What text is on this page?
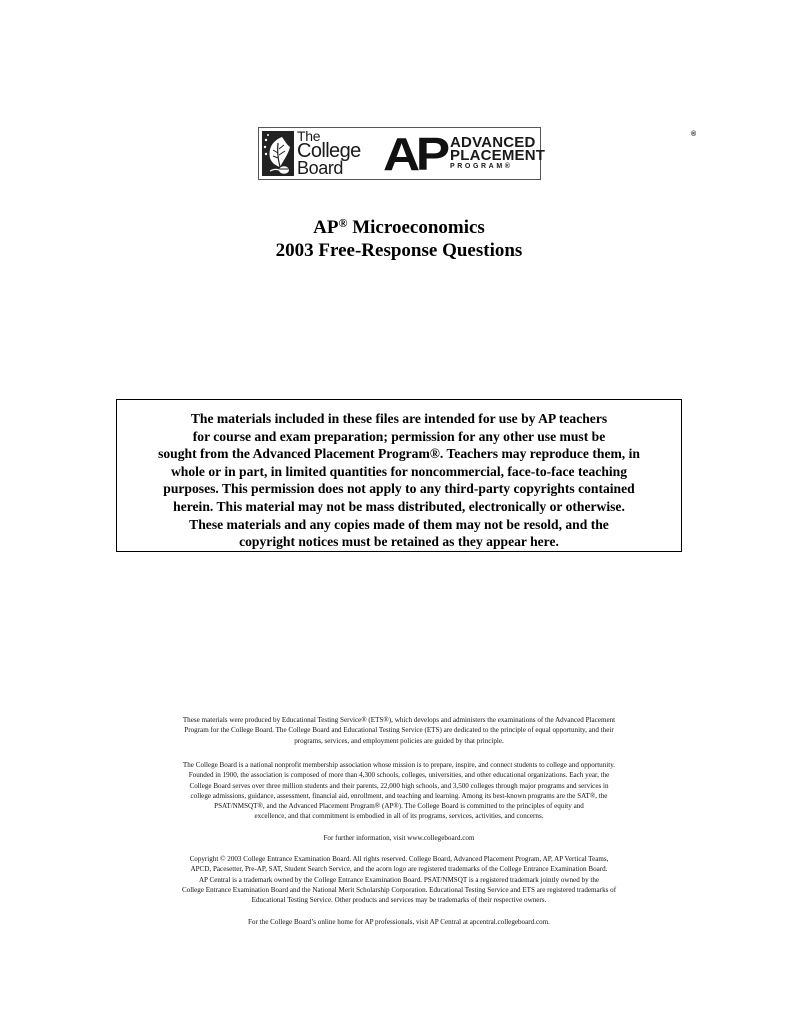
The
College
Board AP	®
ADVANCED
PLACEMENT
PROGRAM®
AP® Microeconomics
2003 Free-Response Questions
The materials included in these files are intended for use by AP teachers
for course and exam preparation; permission for any other use must be
sought from the Advanced Placement Program®. Teachers may reproduce them, in
whole or in part, in limited quantities for noncommercial, face-to-face teaching
purposes. This permission does not apply to any third-party copyrights contained
herein. This material may not be mass distributed, electronically or otherwise.
These materials and any copies made of them may not be resold, and the
copyright notices must be retained as they appear here.
These materials were produced by Educational Testing Service® (ETS®), which develops and administers the examinations of the Advanced Placement
Program for the College Board. The College Board and Educational Testing Service (ETS) are dedicated to the principle of equal opportunity, and their
programs, services, and employment policies are guided by that principle.
The College Board is a national nonprofit membership association whose mission is to prepare, inspire, and connect students to college and opportunity.
Founded in 1900, the association is composed of more than 4,300 schools, colleges, universities, and other educational organizations. Each year, the
College Board serves over three million students and their parents, 22,000 high schools, and 3,500 colleges through major programs and services in
college admissions, guidance, assessment, financial aid, enrollment, and teaching and learning. Among its best-known programs are the SAT®, the
PSAT/NMSQT®, and the Advanced Placement Program® (AP®). The College Board is committed to the principles of equity and
excellence, and that commitment is embodied in all of its programs, services, activities, and concerns.
For further information, visit www.collegeboard.com
Copyright © 2003 College Entrance Examination Board. All rights reserved. College Board, Advanced Placement Program, AP, AP Vertical Teams,
APCD, Pacesetter, Pre-AP, SAT, Student Search Service, and the acorn logo are registered trademarks of the College Entrance Examination Board.
AP Central is a trademark owned by the College Entrance Examination Board. PSAT/NMSQT is a registered trademark jointly owned by the
College Entrance Examination Board and the National Merit Scholarship Corporation. Educational Testing Service and ETS are registered trademarks of
Educational Testing Service. Other products and services may be trademarks of their respective owners.
For the College Board’s online home for AP professionals, visit AP Central at apcentral.collegeboard.com.
